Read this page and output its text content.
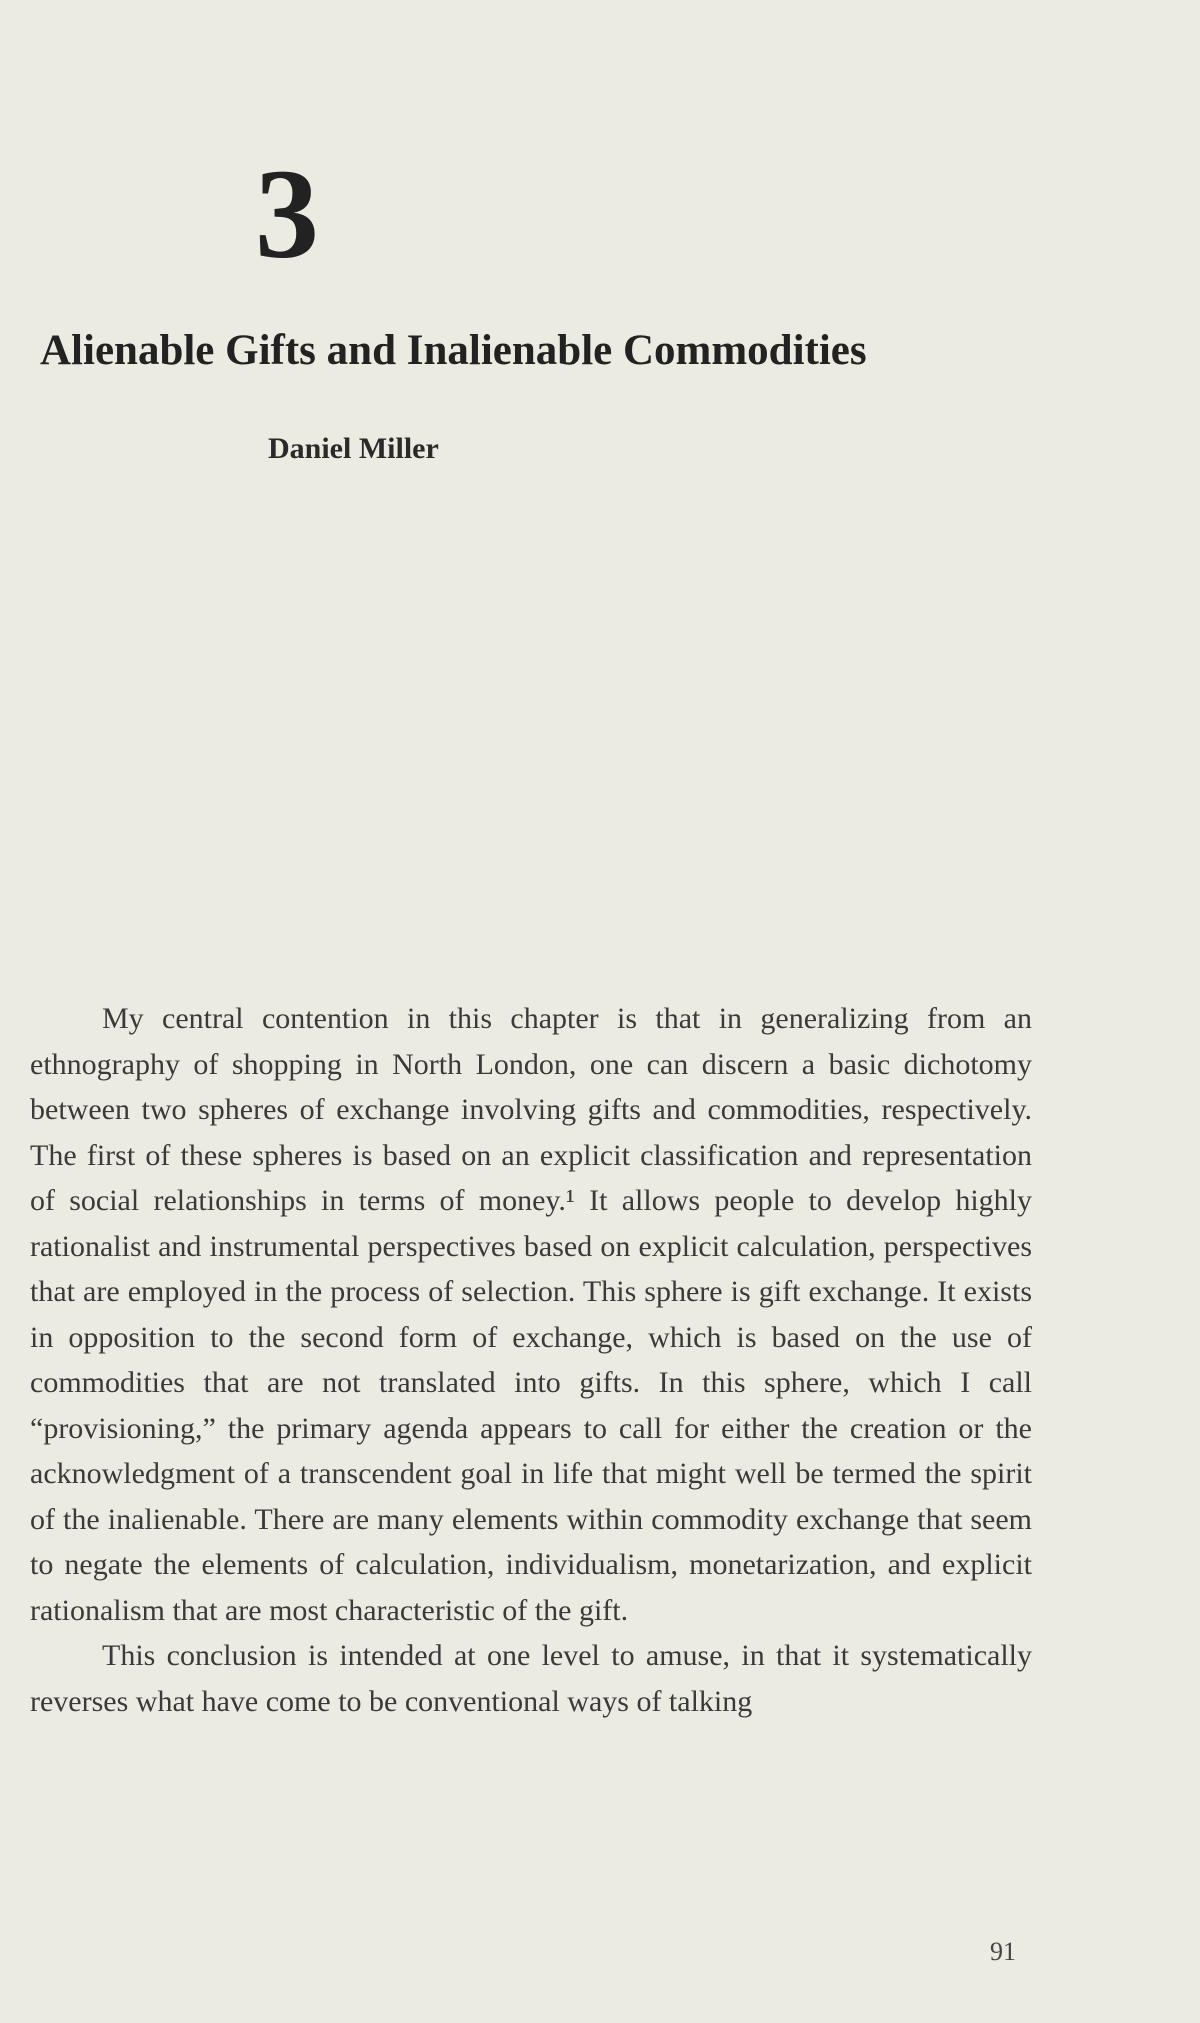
3
Alienable Gifts and Inalienable Commodities
Daniel Miller

My central contention in this chapter is that in generalizing from an ethnography of shopping in North London, one can discern a basic dichotomy between two spheres of exchange involving gifts and commodities, respectively. The first of these spheres is based on an explicit classification and representation of social relationships in terms of money.¹ It allows people to develop highly rationalist and instrumental perspectives based on explicit calculation, perspectives that are employed in the process of selection. This sphere is gift exchange. It exists in opposition to the second form of exchange, which is based on the use of commodities that are not translated into gifts. In this sphere, which I call “provisioning,” the primary agenda appears to call for either the creation or the acknowledgment of a transcendent goal in life that might well be termed the spirit of the inalienable. There are many elements within commodity exchange that seem to negate the elements of calculation, individualism, monetarization, and explicit rationalism that are most characteristic of the gift.

This conclusion is intended at one level to amuse, in that it systematically reverses what have come to be conventional ways of talking

91
